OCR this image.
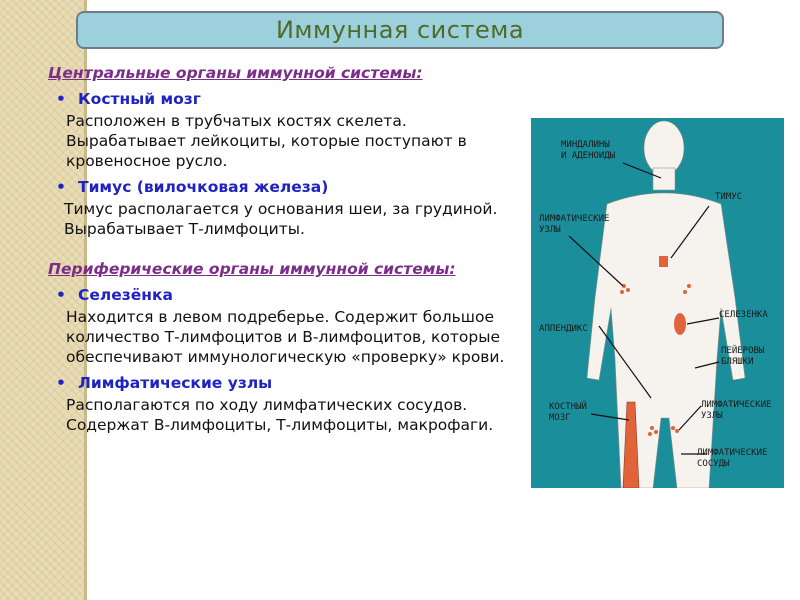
Иммунная система
Центральные органы иммунной системы:
• Костный мозг
Расположен в трубчатых костях скелета. Вырабатывает лейкоциты, которые поступают в кровеносное русло.
• Тимус (вилочковая железа)
Тимус располагается у основания шеи, за грудиной. Вырабатывает Т-лимфоциты.
Периферические органы иммунной системы:
• Селезёнка
Находится в левом подреберье. Содержит большое количество Т-лимфоцитов и В-лимфоцитов, которые обеспечивают иммунологическую «проверку» крови.
• Лимфатические узлы
Располагаются по ходу лимфатических сосудов. Содержат В-лимфоциты, Т-лимфоциты, макрофаги.
МИНДАЛИНЫ
И АДЕНОИДЫ
ТИМУС
ЛИМФАТИЧЕСКИЕ
УЗЛЫ
СЕЛЕЗЕНКА
АППЕНДИКС
ПЕЙЕРОВЫ
БЛЯШКИ
КОСТНЫЙ
МОЗГ
ЛИМФАТИЧЕСКИЕ
УЗЛЫ
ЛИМФАТИЧЕСКИЕ
СОСУДЫ
